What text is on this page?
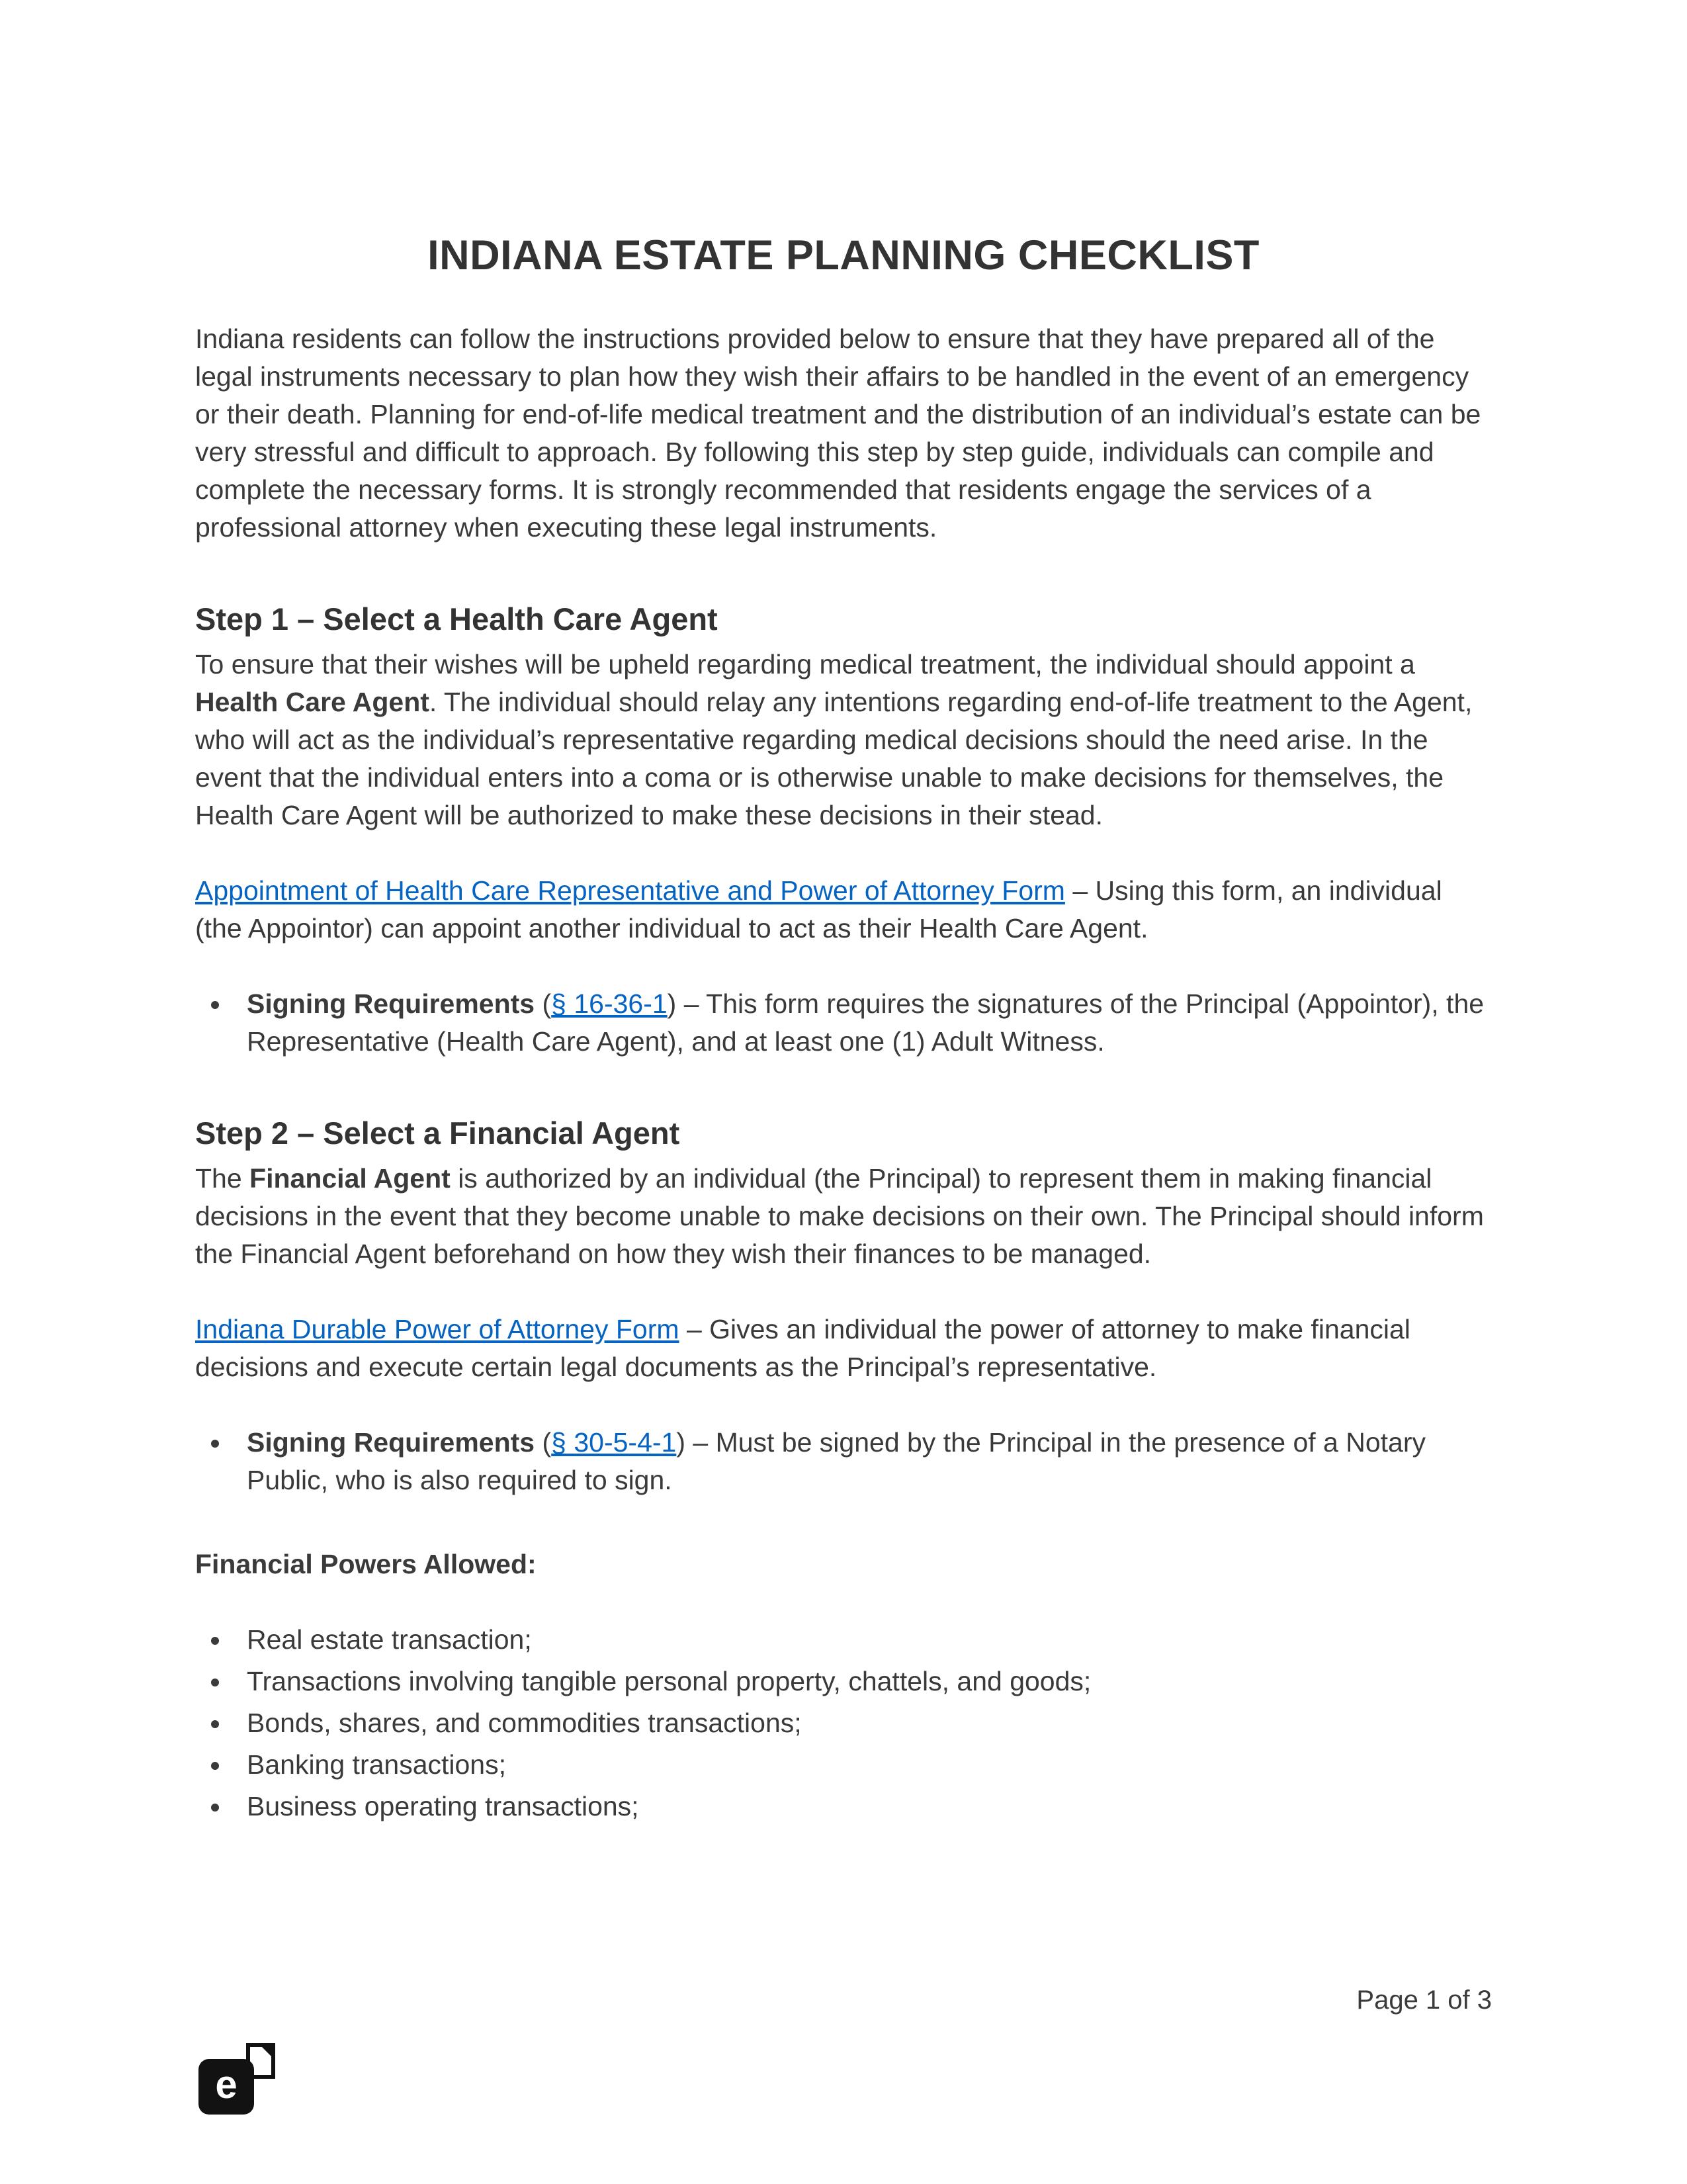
INDIANA ESTATE PLANNING CHECKLIST

Indiana residents can follow the instructions provided below to ensure that they have prepared all of the legal instruments necessary to plan how they wish their affairs to be handled in the event of an emergency or their death. Planning for end-of-life medical treatment and the distribution of an individual’s estate can be very stressful and difficult to approach. By following this step by step guide, individuals can compile and complete the necessary forms. It is strongly recommended that residents engage the services of a professional attorney when executing these legal instruments.

Step 1 – Select a Health Care Agent

To ensure that their wishes will be upheld regarding medical treatment, the individual should appoint a Health Care Agent. The individual should relay any intentions regarding end-of-life treatment to the Agent, who will act as the individual’s representative regarding medical decisions should the need arise. In the event that the individual enters into a coma or is otherwise unable to make decisions for themselves, the Health Care Agent will be authorized to make these decisions in their stead.

Appointment of Health Care Representative and Power of Attorney Form – Using this form, an individual (the Appointor) can appoint another individual to act as their Health Care Agent.

Signing Requirements (§ 16-36-1) – This form requires the signatures of the Principal (Appointor), the Representative (Health Care Agent), and at least one (1) Adult Witness.
Step 2 – Select a Financial Agent

The Financial Agent is authorized by an individual (the Principal) to represent them in making financial decisions in the event that they become unable to make decisions on their own. The Principal should inform the Financial Agent beforehand on how they wish their finances to be managed.

Indiana Durable Power of Attorney Form – Gives an individual the power of attorney to make financial decisions and execute certain legal documents as the Principal’s representative.

Signing Requirements (§ 30-5-4-1) – Must be signed by the Principal in the presence of a Notary Public, who is also required to sign.
Financial Powers Allowed:
Real estate transaction;
Transactions involving tangible personal property, chattels, and goods;
Bonds, shares, and commodities transactions;
Banking transactions;
Business operating transactions;
Page 1 of 3
e
